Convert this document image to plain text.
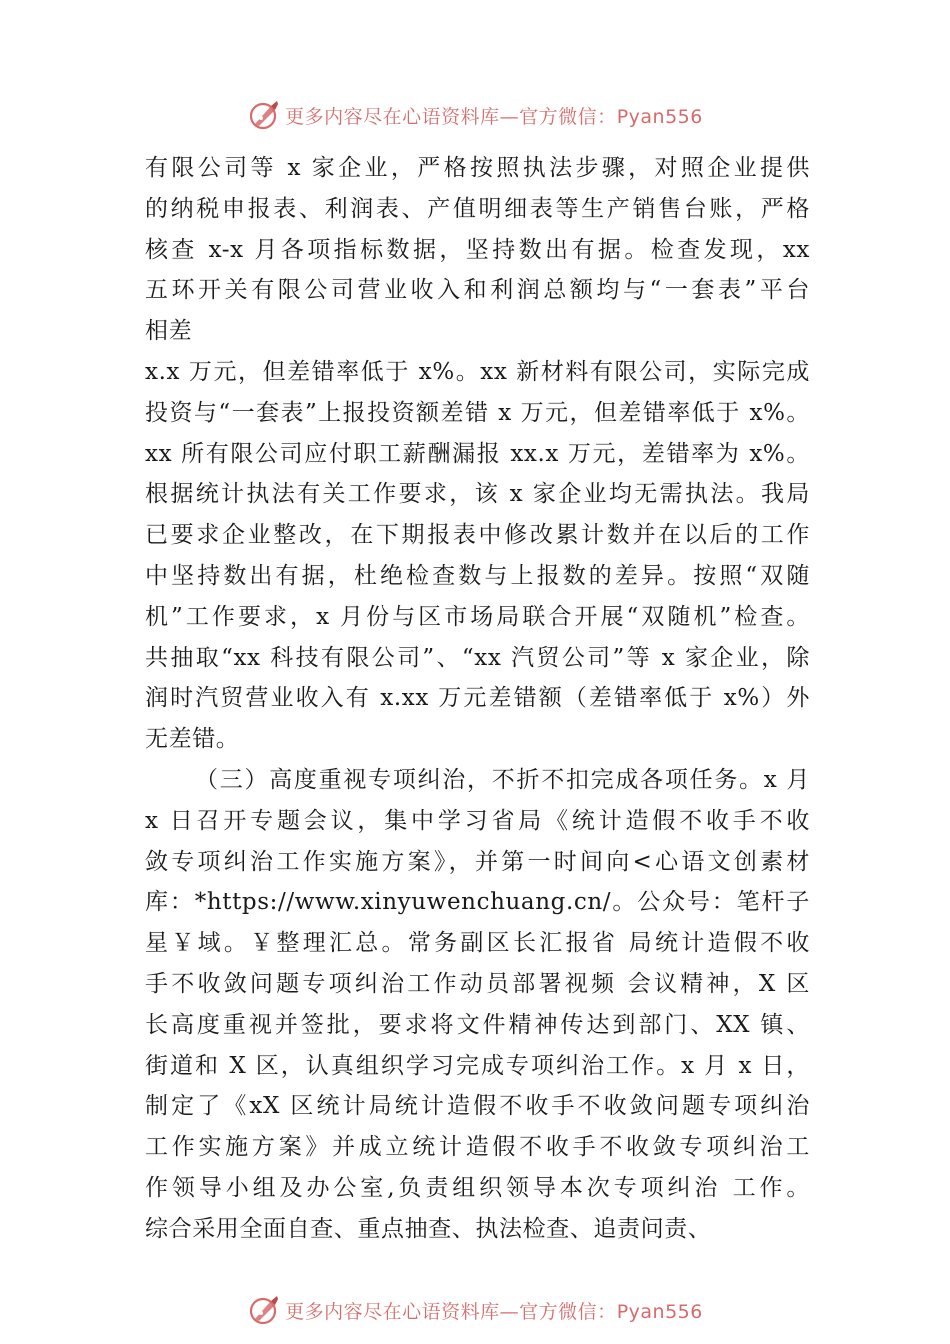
更多内容尽在心语资料库—官方微信：Pyan556
有限公司等 x 家企业，严格按照执法步骤，对照企业提供
的纳税申报表、利润表、产值明细表等生产销售台账，严格
核查 x-x 月各项指标数据，坚持数出有据。检查发现，xx
五环开关有限公司营业收入和利润总额均与“一套表”平台
相差
x.x 万元，但差错率低于 x%。xx 新材料有限公司，实际完成
投资与“一套表”上报投资额差错 x 万元，但差错率低于 x%。
xx 所有限公司应付职工薪酬漏报 xx.x 万元，差错率为 x%。
根据统计执法有关工作要求，该 x 家企业均无需执法。我局
已要求企业整改，在下期报表中修改累计数并在以后的工作
中坚持数出有据，杜绝检查数与上报数的差异。按照“双随
机”工作要求，x 月份与区市场局联合开展“双随机”检查。
共抽取“xx 科技有限公司”、“xx 汽贸公司”等 x 家企业，除
润时汽贸营业收入有 x.xx 万元差错额（差错率低于 x%）外
无差错。
（三）高度重视专项纠治，不折不扣完成各项任务。x 月
x 日召开专题会议，集中学习省局《统计造假不收手不收
敛专项纠治工作实施方案》，并第一时间向<心语文创素材
库：*https://www.xinyuwenchuang.cn/。公众号：笔杆子
星￥域。￥整理汇总。常务副区长汇报省 局统计造假不收
手不收敛问题专项纠治工作动员部署视频 会议精神，X 区
长高度重视并签批，要求将文件精神传达到部门、XX 镇、
街道和 X 区，认真组织学习完成专项纠治工作。x 月 x 日，
制定了《xX 区统计局统计造假不收手不收敛问题专项纠治
工作实施方案》并成立统计造假不收手不收敛专项纠治工
作领导小组及办公室,负责组织领导本次专项纠治 工作。
综合采用全面自查、重点抽查、执法检查、追责问责、
更多内容尽在心语资料库—官方微信：Pyan556
